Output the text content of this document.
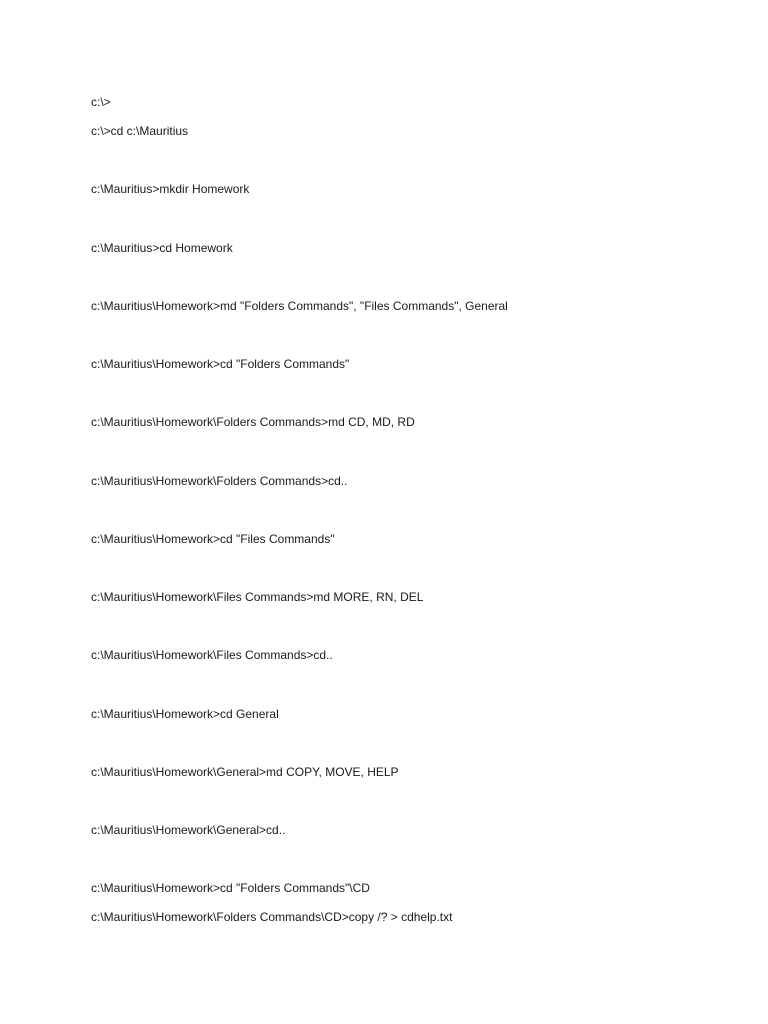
c:\>

c:\>cd c:\Mauritius

c:\Mauritius>mkdir Homework

c:\Mauritius>cd Homework

c:\Mauritius\Homework>md "Folders Commands", "Files Commands", General

c:\Mauritius\Homework>cd "Folders Commands"

c:\Mauritius\Homework\Folders Commands>md CD, MD, RD

c:\Mauritius\Homework\Folders Commands>cd..

c:\Mauritius\Homework>cd "Files Commands"

c:\Mauritius\Homework\Files Commands>md MORE, RN, DEL

c:\Mauritius\Homework\Files Commands>cd..

c:\Mauritius\Homework>cd General

c:\Mauritius\Homework\General>md COPY, MOVE, HELP

c:\Mauritius\Homework\General>cd..

c:\Mauritius\Homework>cd "Folders Commands"\CD

c:\Mauritius\Homework\Folders Commands\CD>copy /? > cdhelp.txt
